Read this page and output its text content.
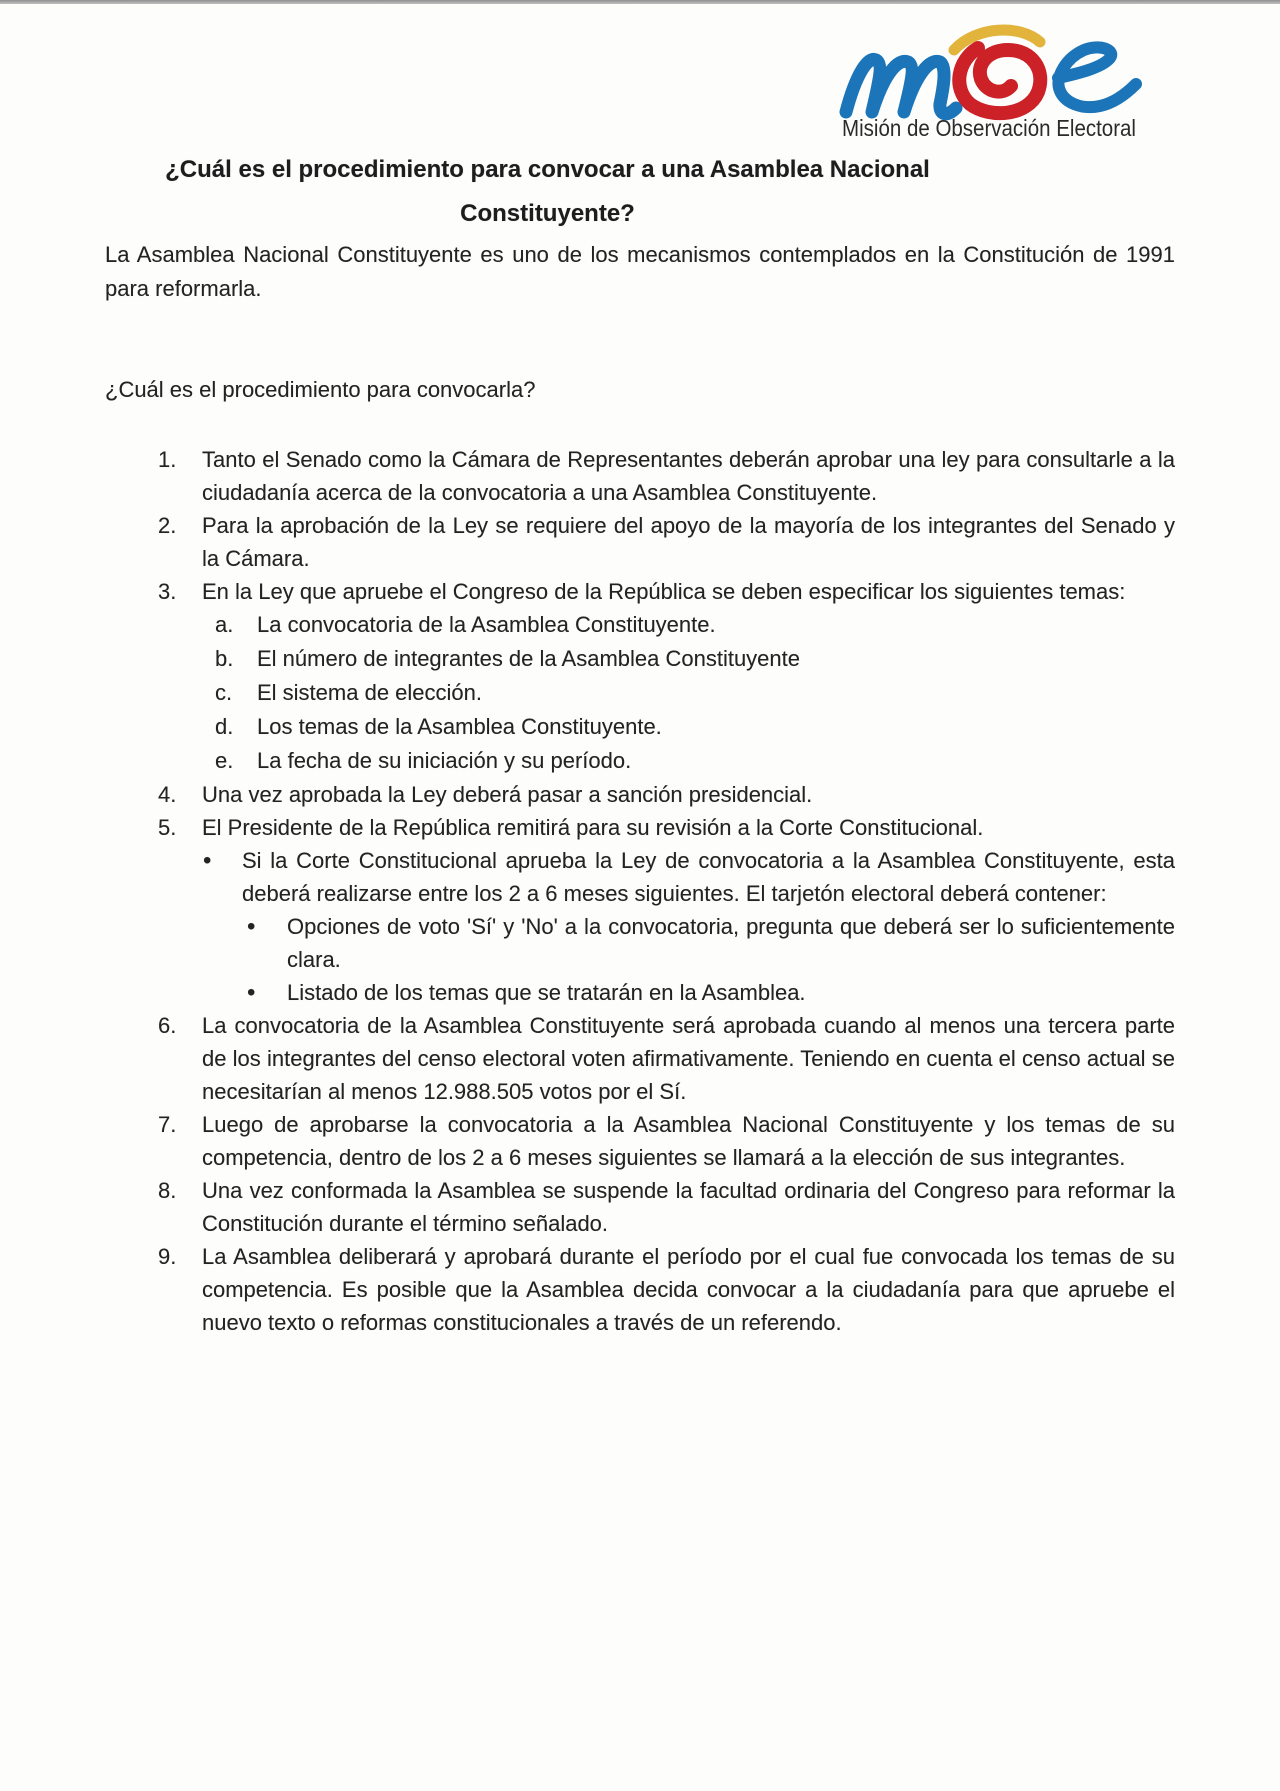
Misión de Observación Electoral
¿Cuál es el procedimiento para convocar a una Asamblea Nacional Constituyente?

La Asamblea Nacional Constituyente es uno de los mecanismos contemplados en la Constitución de 1991 para reformarla.

¿Cuál es el procedimiento para convocarla?

1.	Tanto el Senado como la Cámara de Representantes deberán aprobar una ley para consultarle a la ciudadanía acerca de la convocatoria a una Asamblea Constituyente.
2.	Para la aprobación de la Ley se requiere del apoyo de la mayoría de los integrantes del Senado y la Cámara.
3.	En la Ley que apruebe el Congreso de la República se deben especificar los siguientes temas:
a.	La convocatoria de la Asamblea Constituyente.
b.	El número de integrantes de la Asamblea Constituyente
c.	El sistema de elección.
d.	Los temas de la Asamblea Constituyente.
e.	La fecha de su iniciación y su período.
4.	Una vez aprobada la Ley deberá pasar a sanción presidencial.
5.	El Presidente de la República remitirá para su revisión a la Corte Constitucional.
•	Si la Corte Constitucional aprueba la Ley de convocatoria a la Asamblea Constituyente, esta deberá realizarse entre los 2 a 6 meses siguientes. El tarjetón electoral deberá contener:
•	Opciones de voto 'Sí' y 'No' a la convocatoria, pregunta que deberá ser lo suficientemente clara.
•	Listado de los temas que se tratarán en la Asamblea.
6.	La convocatoria de la Asamblea Constituyente será aprobada cuando al menos una tercera parte de los integrantes del censo electoral voten afirmativamente. Teniendo en cuenta el censo actual se necesitarían al menos 12.988.505 votos por el Sí.
7.	Luego de aprobarse la convocatoria a la Asamblea Nacional Constituyente y los temas de su competencia, dentro de los 2 a 6 meses siguientes se llamará a la elección de sus integrantes.
8.	Una vez conformada la Asamblea se suspende la facultad ordinaria del Congreso para reformar la Constitución durante el término señalado.
9.	La Asamblea deliberará y aprobará durante el período por el cual fue convocada los temas de su competencia. Es posible que la Asamblea decida convocar a la ciudadanía para que apruebe el nuevo texto o reformas constitucionales a través de un referendo.
